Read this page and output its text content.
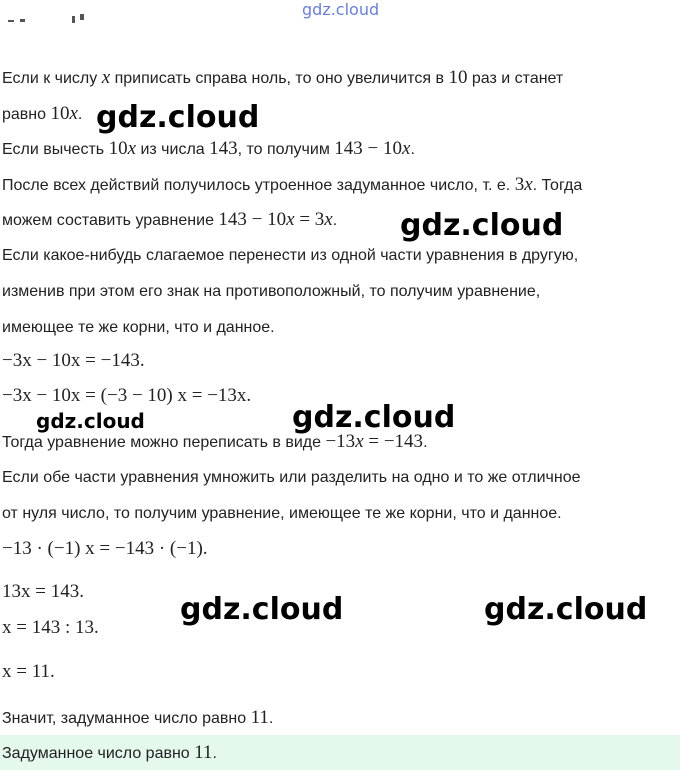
gdz.cloud
Если к числу x приписать справа ноль, то оно увеличится в 10 раз и станет
равно 10x.
Если вычесть 10x из числа 143, то получим 143 − 10x.
После всех действий получилось утроенное задуманное число, т. е. 3x. Тогда
можем составить уравнение 143 − 10x = 3x.
Если какое-нибудь слагаемое перенести из одной части уравнения в другую,
изменив при этом его знак на противоположный, то получим уравнение,
имеющее те же корни, что и данное.
−3x − 10x = −143.
−3x − 10x = (−3 − 10) x = −13x.
Тогда уравнение можно переписать в виде −13x = −143.
Если обе части уравнения умножить или разделить на одно и то же отличное
от нуля число, то получим уравнение, имеющее те же корни, что и данное.
−13 · (−1) x = −143 · (−1).
13x = 143.
x = 143 : 13.
x = 11.
Значит, задуманное число равно 11.
Задуманное число равно 11.
gdz.cloud
gdz.cloud
gdz.cloud	gdz.cloud
gdz.cloud	gdz.cloud
